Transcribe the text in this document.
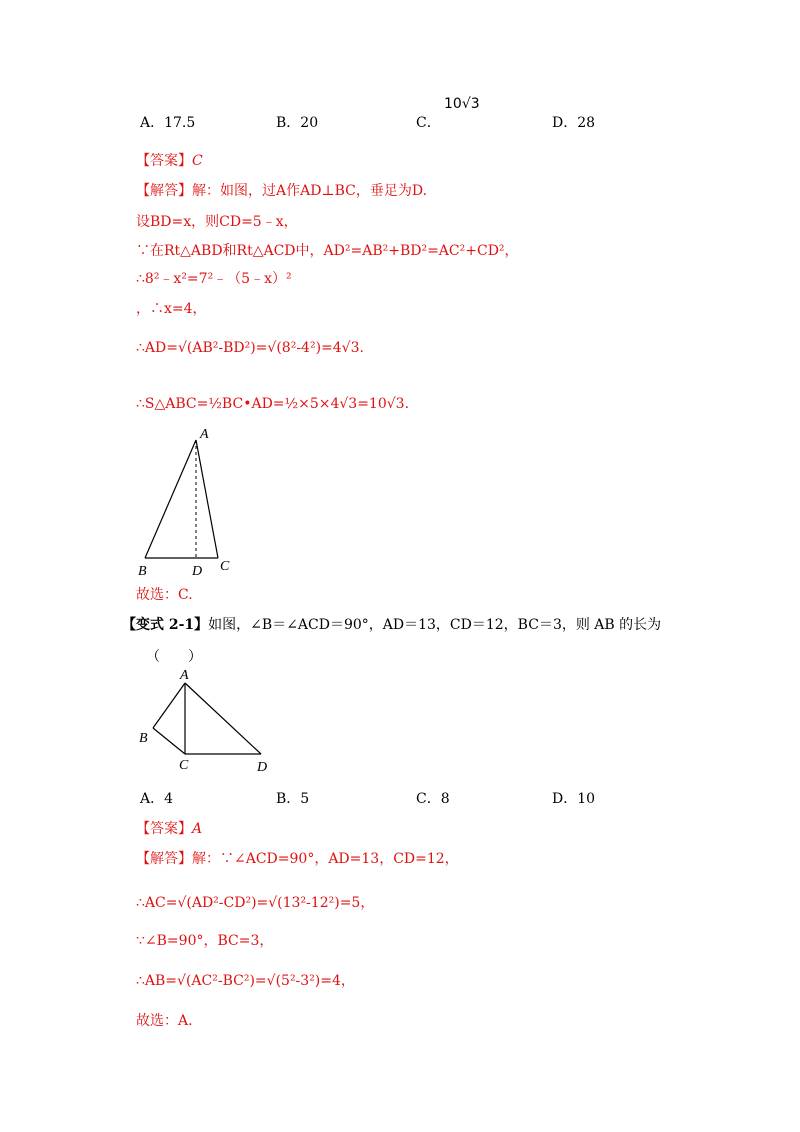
A．17.5	B．20	C．
10√3
D．28
【答案】C
【解答】解：如图，过A作AD⊥BC，垂足为D.
设BD=x，则CD=5﹣x，
∵在Rt△ABD和Rt△ACD中，AD²=AB²+BD²=AC²+CD²，
∴8²﹣x²=7²﹣（5﹣x）²
，∴x=4，
∴AD=√(AB²-BD²)=√(8²-4²)=4√3.
∴S△ABC=½BC•AD=½×5×4√3=10√3.
A
B	D C
故选：C.
【变式 2-1】如图，∠B＝∠ACD＝90°，AD＝13，CD＝12，BC＝3，则 AB 的长为
（　　）
A
B
C	D
A．4	B．5	C．8	D．10
【答案】A
【解答】解：∵∠ACD=90°，AD=13，CD=12，
∴AC=√(AD²-CD²)=√(13²-12²)=5，
∵∠B=90°，BC=3，
∴AB=√(AC²-BC²)=√(5²-3²)=4，
故选：A.
